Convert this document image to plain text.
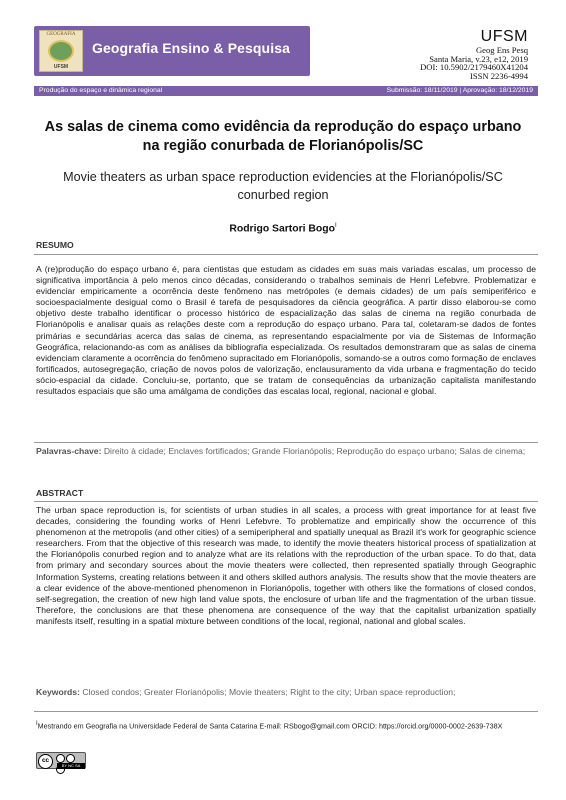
GEOGRAFIA
UFSM
Geografia Ensino & Pesquisa
UFSM
Geog Ens Pesq
Santa Maria, v.23, e12, 2019
DOI: 10.5902/2179460X41204
ISSN 2236-4994
Produção do espaço e dinâmica regional	Submissão: 18/11/2019 | Aprovação: 18/12/2019
As salas de cinema como evidência da reprodução do espaço urbano na região conurbada de Florianópolis/SC
Movie theaters as urban space reproduction evidencies at the Florianópolis/SC conurbed region
Rodrigo Sartori Bogo$^I$
RESUMO
A (re)produção do espaço urbano é, para cientistas que estudam as cidades em suas mais variadas escalas, um processo de significativa importância à pelo menos cinco décadas, considerando o trabalhos seminais de Henri Lefebvre. Problematizar e evidenciar empiricamente a ocorrência deste fenômeno nas metrópoles (e demais cidades) de um país semiperiférico e socioespacialmente desigual como o Brasil é tarefa de pesquisadores da ciência geográfica. A partir disso elaborou-se como objetivo deste trabalho identificar o processo histórico de espacialização das salas de cinema na região conurbada de Florianópolis e analisar quais as relações deste com a reprodução do espaço urbano. Para tal, coletaram-se dados de fontes primárias e secundárias acerca das salas de cinema, as representando espacialmente por via de Sistemas de Informação Geográfica, relacionando-as com as análises da bibliografia especializada. Os resultados demonstraram que as salas de cinema evidenciam claramente a ocorrência do fenômeno supracitado em Florianópolis, somando-se a outros como formação de enclaves fortificados, autosegregação, criação de novos polos de valorização, enclausuramento da vida urbana e fragmentação do tecido sócio-espacial da cidade. Concluiu-se, portanto, que se tratam de consequências da urbanização capitalista manifestando resultados espaciais que são uma amálgama de condições das escalas local, regional, nacional e global.
Palavras-chave: Direito à cidade; Enclaves fortificados; Grande Florianópolis; Reprodução do espaço urbano; Salas de cinema;
ABSTRACT
The urban space reproduction is, for scientists of urban studies in all scales, a process with great importance for at least five decades, considering the founding works of Henri Lefebvre. To problematize and empirically show the occurrence of this phenomenon at the metropolis (and other cities) of a semiperipheral and spatially unequal as Brazil it's work for geographic science researchers. From that the objective of this research was made, to identify the movie theaters historical process of spatialization at the Florianópolis conurbed region and to analyze what are its relations with the reproduction of the urban space. To do that, data from primary and secondary sources about the movie theaters were collected, then represented spatially through Geographic Information Systems, creating relations between it and others skilled authors analysis. The results show that the movie theaters are a clear evidence of the above-mentioned phenomenon in Florianópolis, together with others like the formations of closed condos, self-segregation, the creation of new high land value spots, the enclosure of urban life and the fragmentation of the urban tissue. Therefore, the conclusions are that these phenomena are consequence of the way that the capitalist urbanization spatially manifests itself, resulting in a spatial mixture between conditions of the local, regional, national and global scales.
Keywords: Closed condos; Greater Florianópolis; Movie theaters; Right to the city; Urban space reproduction;
$^I$Mestrando em Geografia na Universidade Federal de Santa Catarina E-mail: RSbogo@gmail.com ORCID: https://orcid.org/0000-0002-2639-738X
cc
BY NC SA
